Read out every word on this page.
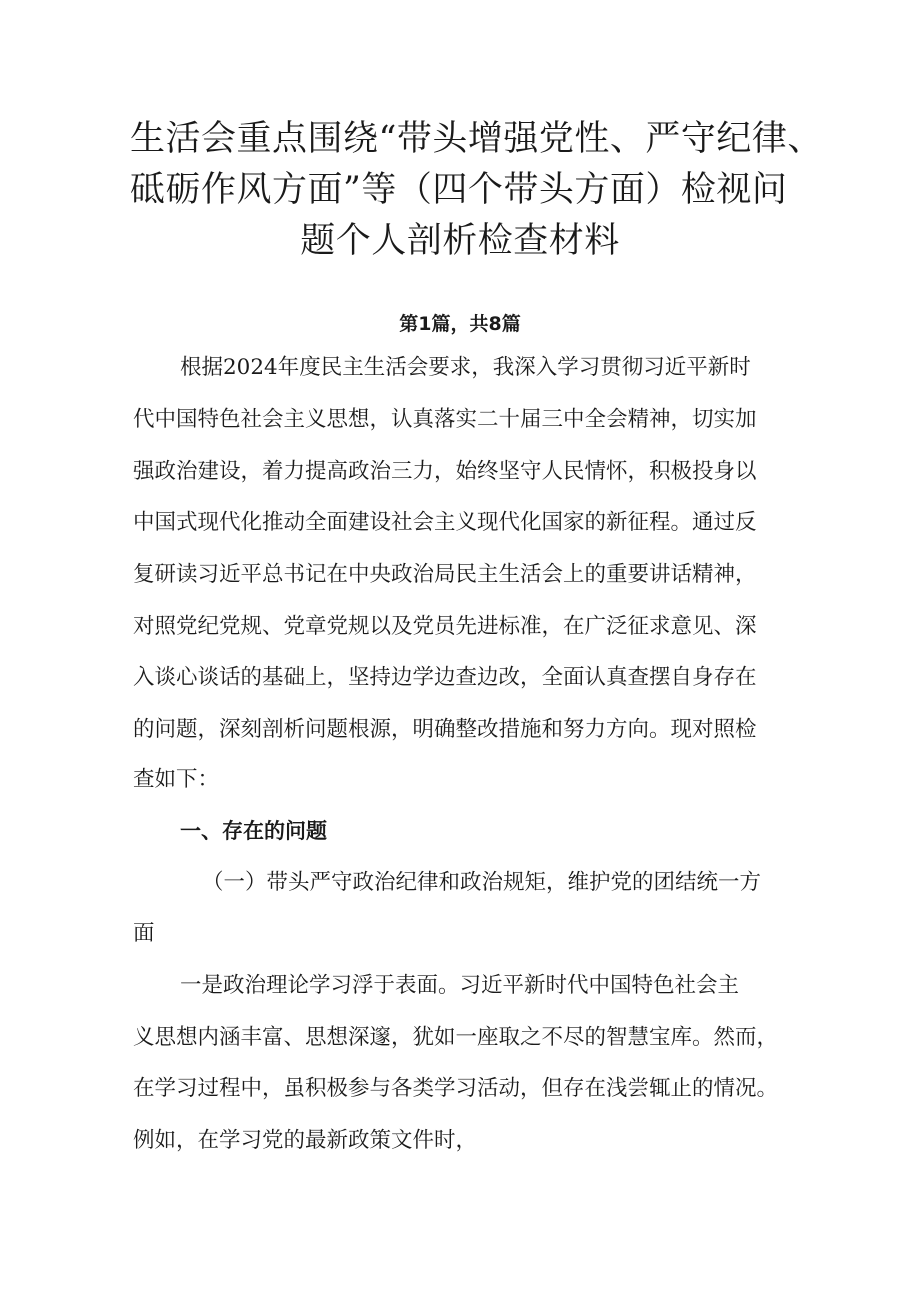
生活会重点围绕“带头增强党性、严守纪律、
砥砺作风方面”等（四个带头方面）检视问
题个人剖析检查材料
第1篇，共8篇
根据2024年度民主生活会要求，我深入学习贯彻习近平新时
代中国特色社会主义思想，认真落实二十届三中全会精神，切实加
强政治建设，着力提高政治三力，始终坚守人民情怀，积极投身以
中国式现代化推动全面建设社会主义现代化国家的新征程。通过反
复研读习近平总书记在中央政治局民主生活会上的重要讲话精神，
对照党纪党规、党章党规以及党员先进标准，在广泛征求意见、深
入谈心谈话的基础上，坚持边学边查边改，全面认真查摆自身存在
的问题，深刻剖析问题根源，明确整改措施和努力方向。现对照检
查如下：
一、存在的问题
（一）带头严守政治纪律和政治规矩，维护党的团结统一方
面
一是政治理论学习浮于表面。习近平新时代中国特色社会主
义思想内涵丰富、思想深邃，犹如一座取之不尽的智慧宝库。然而，
在学习过程中，虽积极参与各类学习活动，但存在浅尝辄止的情况。
例如，在学习党的最新政策文件时，
